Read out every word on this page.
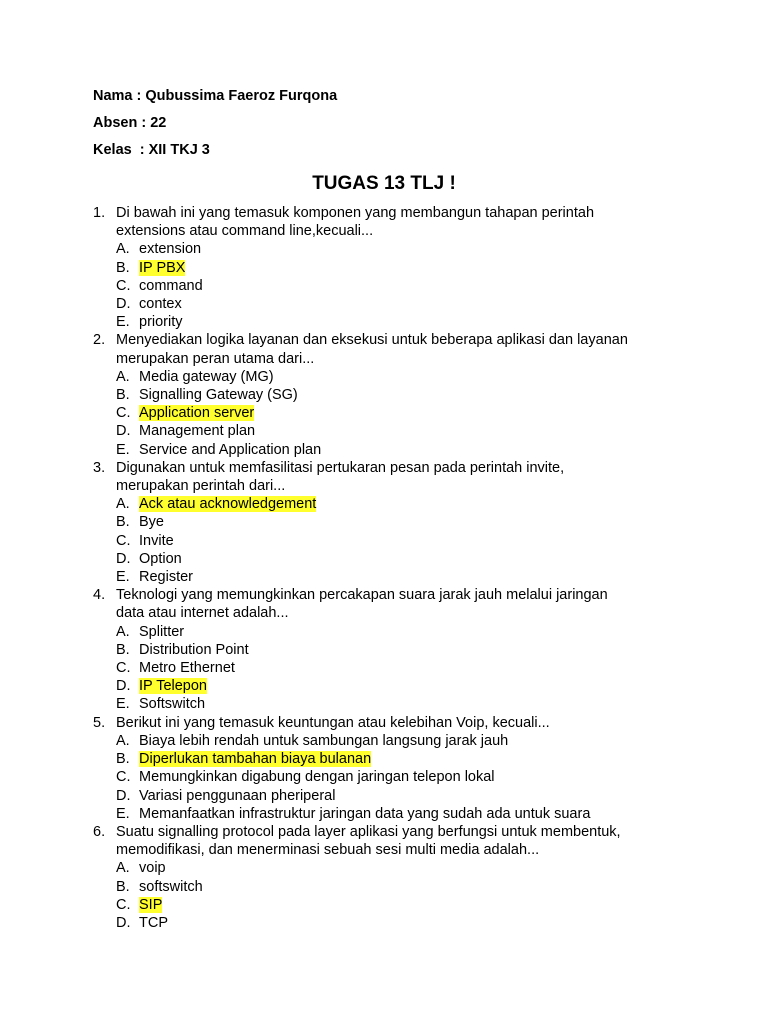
Nama : Qubussima Faeroz Furqona
Absen : 22
Kelas  : XII TKJ 3
TUGAS 13 TLJ !
1. Di bawah ini yang temasuk komponen yang membangun tahapan perintah
extensions atau command line,kecuali...
A. extension
B. IP PBX
C. command
D. contex
E. priority
2. Menyediakan logika layanan dan eksekusi untuk beberapa aplikasi dan layanan
merupakan peran utama dari...
A. Media gateway (MG)
B. Signalling Gateway (SG)
C. Application server
D. Management plan
E. Service and Application plan
3. Digunakan untuk memfasilitasi pertukaran pesan pada perintah invite,
merupakan perintah dari...
A. Ack atau acknowledgement
B. Bye
C. Invite
D. Option
E. Register
4. Teknologi yang memungkinkan percakapan suara jarak jauh melalui jaringan
data atau internet adalah...
A. Splitter
B. Distribution Point
C. Metro Ethernet
D. IP Telepon
E. Softswitch
5. Berikut ini yang temasuk keuntungan atau kelebihan Voip, kecuali...
A. Biaya lebih rendah untuk sambungan langsung jarak jauh
B. Diperlukan tambahan biaya bulanan
C. Memungkinkan digabung dengan jaringan telepon lokal
D. Variasi penggunaan pheriperal
E. Memanfaatkan infrastruktur jaringan data yang sudah ada untuk suara
6. Suatu signalling protocol pada layer aplikasi yang berfungsi untuk membentuk,
memodifikasi, dan menerminasi sebuah sesi multi media adalah...
A. voip
B. softswitch
C. SIP
D. TCP
